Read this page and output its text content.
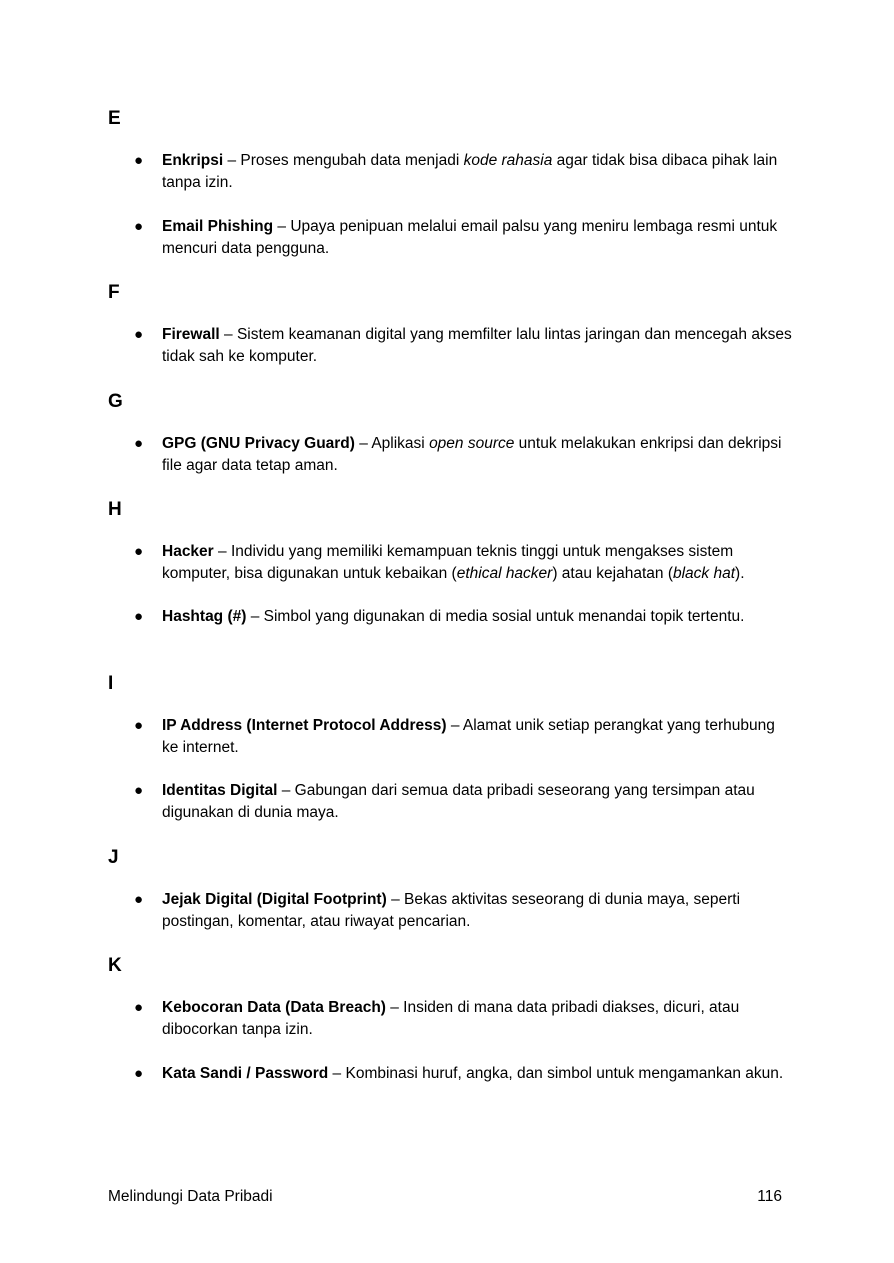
E
F
G
H
I
J
K
● Enkripsi – Proses mengubah data menjadi kode rahasia agar tidak bisa dibaca pihak lain tanpa izin.
● Email Phishing – Upaya penipuan melalui email palsu yang meniru lembaga resmi untuk mencuri data pengguna.
● Firewall – Sistem keamanan digital yang memfilter lalu lintas jaringan dan mencegah akses tidak sah ke komputer.
● GPG (GNU Privacy Guard) – Aplikasi open source untuk melakukan enkripsi dan dekripsi file agar data tetap aman.
● Hacker – Individu yang memiliki kemampuan teknis tinggi untuk mengakses sistem komputer, bisa digunakan untuk kebaikan (ethical hacker) atau kejahatan (black hat).
● Hashtag (#) – Simbol yang digunakan di media sosial untuk menandai topik tertentu.
● IP Address (Internet Protocol Address) – Alamat unik setiap perangkat yang terhubung ke internet.
● Identitas Digital – Gabungan dari semua data pribadi seseorang yang tersimpan atau digunakan di dunia maya.
● Jejak Digital (Digital Footprint) – Bekas aktivitas seseorang di dunia maya, seperti postingan, komentar, atau riwayat pencarian.
● Kebocoran Data (Data Breach) – Insiden di mana data pribadi diakses, dicuri, atau dibocorkan tanpa izin.
● Kata Sandi / Password – Kombinasi huruf, angka, dan simbol untuk mengamankan akun.
Melindungi Data Pribadi	116
